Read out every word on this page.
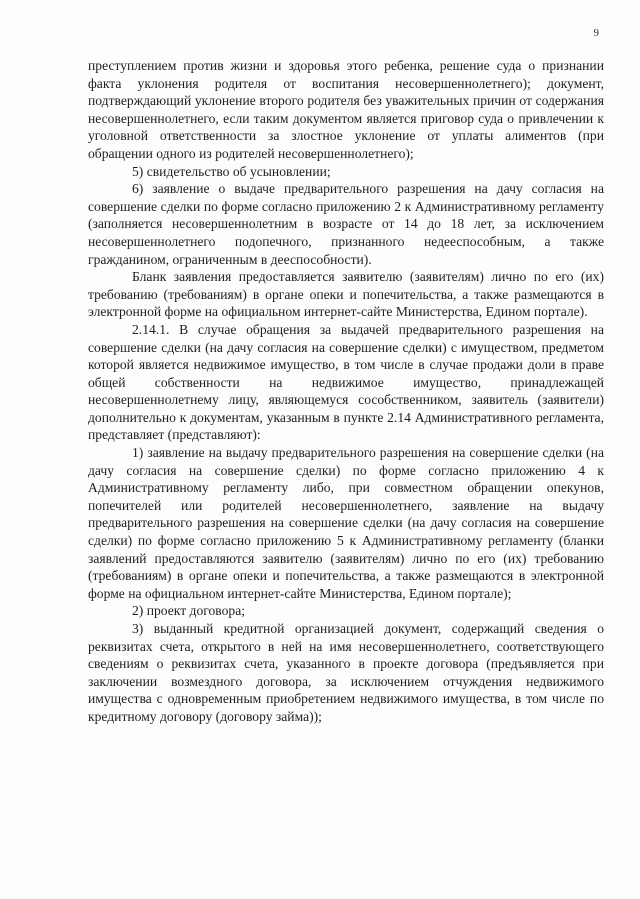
9

преступлением против жизни и здоровья этого ребенка, решение суда о признании факта уклонения родителя от воспитания несовершеннолетнего); документ, подтверждающий уклонение второго родителя без уважительных причин от содержания несовершеннолетнего, если таким документом является приговор суда о привлечении к уголовной ответственности за злостное уклонение от уплаты алиментов (при обращении одного из родителей несовершеннолетнего);

5) свидетельство об усыновлении;

6) заявление о выдаче предварительного разрешения на дачу согласия на совершение сделки по форме согласно приложению 2 к Административному регламенту (заполняется несовершеннолетним в возрасте от 14 до 18 лет, за исключением несовершеннолетнего подопечного, признанного недееспособным, а также гражданином, ограниченным в дееспособности).

Бланк заявления предоставляется заявителю (заявителям) лично по его (их) требованию (требованиям) в органе опеки и попечительства, а также размещаются в электронной форме на официальном интернет-сайте Министерства, Едином портале).

2.14.1. В случае обращения за выдачей предварительного разрешения на совершение сделки (на дачу согласия на совершение сделки) с имуществом, предметом которой является недвижимое имущество, в том числе в случае продажи доли в праве общей собственности на недвижимое имущество, принадлежащей несовершеннолетнему лицу, являющемуся сособственником, заявитель (заявители) дополнительно к документам, указанным в пункте 2.14 Административного регламента, представляет (представляют):

1) заявление на выдачу предварительного разрешения на совершение сделки (на дачу согласия на совершение сделки) по форме согласно приложению 4 к Административному регламенту либо, при совместном обращении опекунов, попечителей или родителей несовершеннолетнего, заявление на выдачу предварительного разрешения на совершение сделки (на дачу согласия на совершение сделки) по форме согласно приложению 5 к Административному регламенту (бланки заявлений предоставляются заявителю (заявителям) лично по его (их) требованию (требованиям) в органе опеки и попечительства, а также размещаются в электронной форме на официальном интернет-сайте Министерства, Едином портале);

2) проект договора;

3) выданный кредитной организацией документ, содержащий сведения о реквизитах счета, открытого в ней на имя несовершеннолетнего, соответствующего сведениям о реквизитах счета, указанного в проекте договора (предъявляется при заключении возмездного договора, за исключением отчуждения недвижимого имущества с одновременным приобретением недвижимого имущества, в том числе по кредитному договору (договору займа));
